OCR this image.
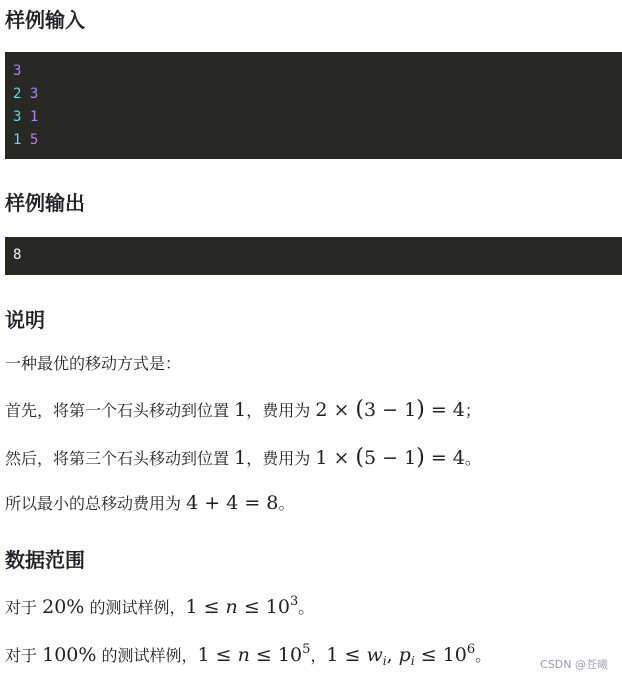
样例输入
3
2 3
3 1
1 5
样例输出
8
说明
一种最优的移动方式是：
首先，将第一个石头移动到位置 1，费用为 2 × (3 − 1) = 4；
然后，将第三个石头移动到位置 1，费用为 1 × (5 − 1) = 4。
所以最小的总移动费用为 4 + 4 = 8。
数据范围
对于 20% 的测试样例，$1 \le n \le 10^3$。
对于 100% 的测试样例，$1 \le n \le 10^5$，$1 \le w_i$, $p_i \le 10^6$。	CSDN @苍曦
